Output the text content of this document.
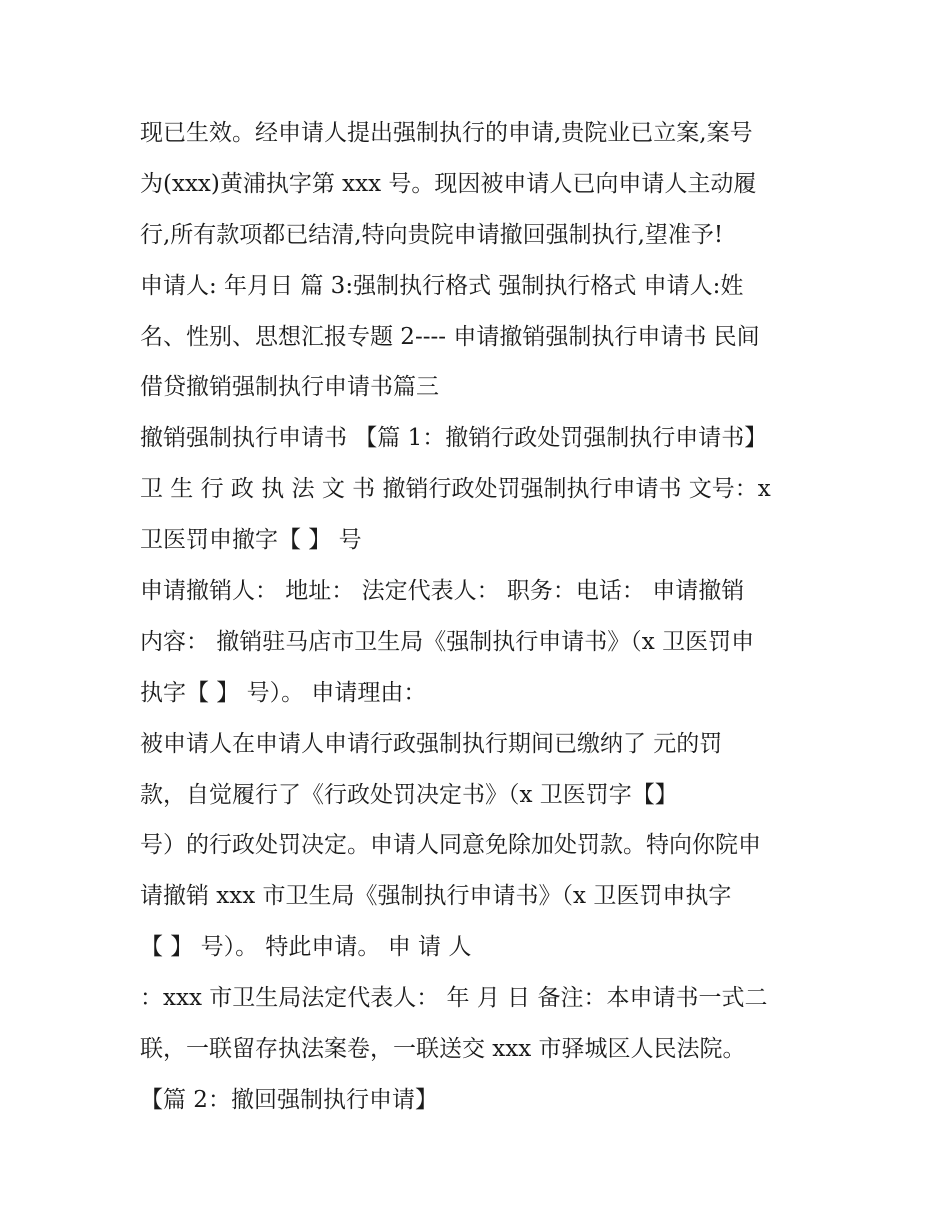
现已生效。经申请人提出强制执行的申请,贵院业已立案,案号
为(xxx)黄浦执字第 xxx 号。现因被申请人已向申请人主动履
行,所有款项都已结清,特向贵院申请撤回强制执行,望准予!
申请人: 年月日 篇 3:强制执行格式 强制执行格式 申请人:姓
名、性别、思想汇报专题 2---- 申请撤销强制执行申请书 民间
借贷撤销强制执行申请书篇三
撤销强制执行申请书 【篇 1：撤销行政处罚强制执行申请书】
卫 生 行 政 执 法 文 书 撤销行政处罚强制执行申请书 文号：x
卫医罚申撤字【 】 号
申请撤销人： 地址： 法定代表人： 职务：电话： 申请撤销
内容： 撤销驻马店市卫生局《强制执行申请书》（x 卫医罚申
执字【 】 号）。 申请理由：
被申请人在申请人申请行政强制执行期间已缴纳了 元的罚
款，自觉履行了《行政处罚决定书》（x 卫医罚字【】
号）的行政处罚决定。申请人同意免除加处罚款。特向你院申
请撤销 xxx 市卫生局《强制执行申请书》（x 卫医罚申执字
【 】 号）。 特此申请。 申 请 人
：xxx 市卫生局法定代表人： 年 月 日 备注：本申请书一式二
联，一联留存执法案卷，一联送交 xxx 市驿城区人民法院。
【篇 2：撤回强制执行申请】
